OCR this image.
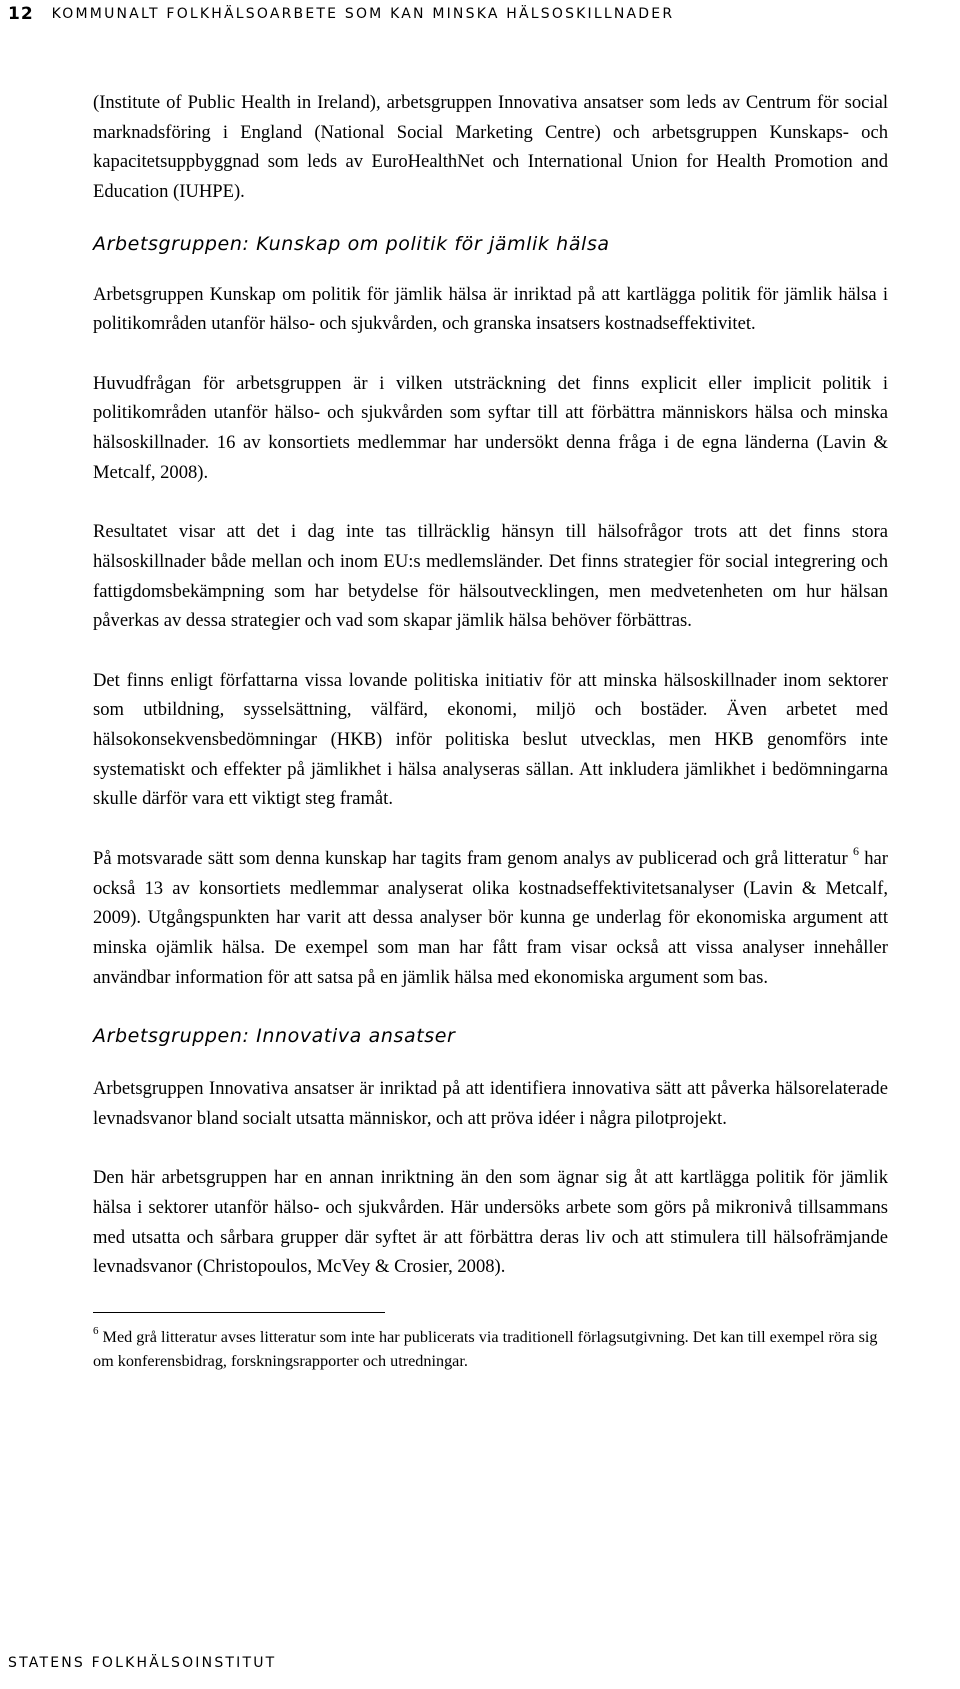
12 KOMMUNALT FOLKHÄLSOARBETE SOM KAN MINSKA HÄLSOSKILLNADER

(Institute of Public Health in Ireland), arbetsgruppen Innovativa ansatser som leds av Centrum för social marknadsföring i England (National Social Marketing Centre) och arbetsgruppen Kunskaps- och kapacitetsuppbyggnad som leds av EuroHealthNet och International Union for Health Promotion and Education (IUHPE).

Arbetsgruppen: Kunskap om politik för jämlik hälsa

Arbetsgruppen Kunskap om politik för jämlik hälsa är inriktad på att kartlägga politik för jämlik hälsa i politikområden utanför hälso- och sjukvården, och granska insatsers kostnadseffektivitet.

Huvudfrågan för arbetsgruppen är i vilken utsträckning det finns explicit eller implicit politik i politikområden utanför hälso- och sjukvården som syftar till att förbättra människors hälsa och minska hälsoskillnader. 16 av konsortiets medlemmar har undersökt denna fråga i de egna länderna (Lavin & Metcalf, 2008).

Resultatet visar att det i dag inte tas tillräcklig hänsyn till hälsofrågor trots att det finns stora hälsoskillnader både mellan och inom EU:s medlemsländer. Det finns strategier för social integrering och fattigdomsbekämpning som har betydelse för hälsoutvecklingen, men medvetenheten om hur hälsan påverkas av dessa strategier och vad som skapar jämlik hälsa behöver förbättras.

Det finns enligt författarna vissa lovande politiska initiativ för att minska hälsoskillnader inom sektorer som utbildning, sysselsättning, välfärd, ekonomi, miljö och bostäder. Även arbetet med hälsokonsekvensbedömningar (HKB) inför politiska beslut utvecklas, men HKB genomförs inte systematiskt och effekter på jämlikhet i hälsa analyseras sällan. Att inkludera jämlikhet i bedömningarna skulle därför vara ett viktigt steg framåt.

På motsvarade sätt som denna kunskap har tagits fram genom analys av publicerad och grå litteratur $^6$ har också 13 av konsortiets medlemmar analyserat olika kostnadseffektivitetsanalyser (Lavin & Metcalf, 2009). Utgångspunkten har varit att dessa analyser bör kunna ge underlag för ekonomiska argument att minska ojämlik hälsa. De exempel som man har fått fram visar också att vissa analyser innehåller användbar information för att satsa på en jämlik hälsa med ekonomiska argument som bas.

Arbetsgruppen: Innovativa ansatser

Arbetsgruppen Innovativa ansatser är inriktad på att identifiera innovativa sätt att påverka hälsorelaterade levnadsvanor bland socialt utsatta människor, och att pröva idéer i några pilotprojekt.

Den här arbetsgruppen har en annan inriktning än den som ägnar sig åt att kartlägga politik för jämlik hälsa i sektorer utanför hälso- och sjukvården. Här undersöks arbete som görs på mikronivå tillsammans med utsatta och sårbara grupper där syftet är att förbättra deras liv och att stimulera till hälsofrämjande levnadsvanor (Christopoulos, McVey & Crosier, 2008).

$^6$ Med grå litteratur avses litteratur som inte har publicerats via traditionell förlagsutgivning. Det kan till exempel röra sig om konferensbidrag, forskningsrapporter och utredningar.
STATENS FOLKHÄLSOINSTITUT
